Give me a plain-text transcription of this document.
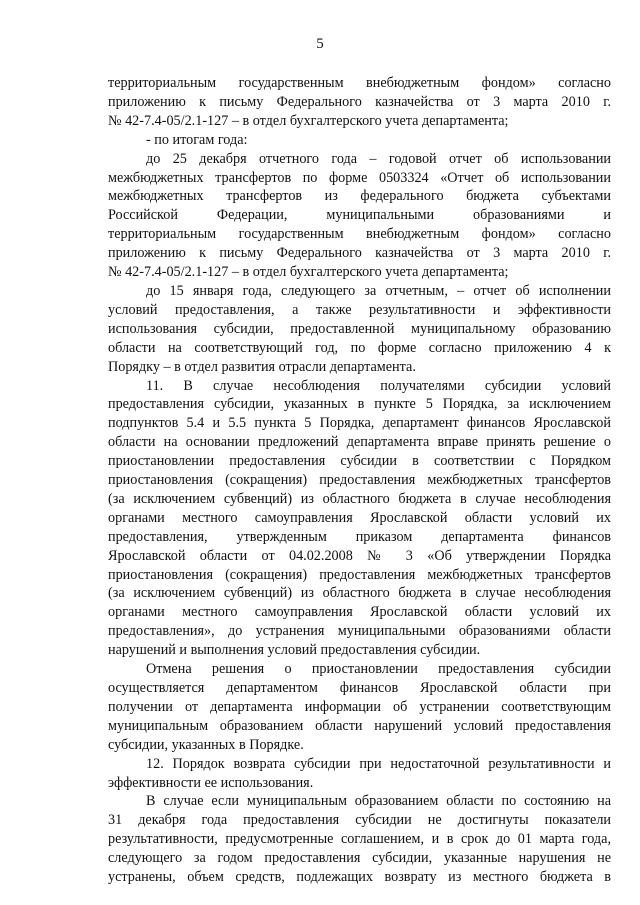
5

территориальным государственным внебюджетным фондом» согласно

приложению к письму Федерального казначейства от 3 марта 2010 г.

№ 42-7.4-05/2.1-127 – в отдел бухгалтерского учета департамента;

- по итогам года:

до 25 декабря отчетного года – годовой отчет об использовании

межбюджетных трансфертов по форме 0503324 «Отчет об использовании

межбюджетных трансфертов из федерального бюджета субъектами

Российской Федерации, муниципальными образованиями и

территориальным государственным внебюджетным фондом» согласно

приложению к письму Федерального казначейства от 3 марта 2010 г.

№ 42-7.4-05/2.1-127 – в отдел бухгалтерского учета департамента;

до 15 января года, следующего за отчетным, – отчет об исполнении

условий предоставления, а также результативности и эффективности

использования субсидии, предоставленной муниципальному образованию

области на соответствующий год, по форме согласно приложению 4 к

Порядку – в отдел развития отрасли департамента.

11. В случае несоблюдения получателями субсидии условий

предоставления субсидии, указанных в пункте 5 Порядка, за исключением

подпунктов 5.4 и 5.5 пункта 5 Порядка, департамент финансов Ярославской

области на основании предложений департамента вправе принять решение о

приостановлении предоставления субсидии в соответствии с Порядком

приостановления (сокращения) предоставления межбюджетных трансфертов

(за исключением субвенций) из областного бюджета в случае несоблюдения

органами местного самоуправления Ярославской области условий их

предоставления, утвержденным приказом департамента финансов

Ярославской области от 04.02.2008 № 3 «Об утверждении Порядка

приостановления (сокращения) предоставления межбюджетных трансфертов

(за исключением субвенций) из областного бюджета в случае несоблюдения

органами местного самоуправления Ярославской области условий их

предоставления», до устранения муниципальными образованиями области

нарушений и выполнения условий предоставления субсидии.

Отмена решения о приостановлении предоставления субсидии

осуществляется департаментом финансов Ярославской области при

получении от департамента информации об устранении соответствующим

муниципальным образованием области нарушений условий предоставления

субсидии, указанных в Порядке.

12. Порядок возврата субсидии при недостаточной результативности и

эффективности ее использования.

В случае если муниципальным образованием области по состоянию на

31 декабря года предоставления субсидии не достигнуты показатели

результативности, предусмотренные соглашением, и в срок до 01 марта года,

следующего за годом предоставления субсидии, указанные нарушения не

устранены, объем средств, подлежащих возврату из местного бюджета в
